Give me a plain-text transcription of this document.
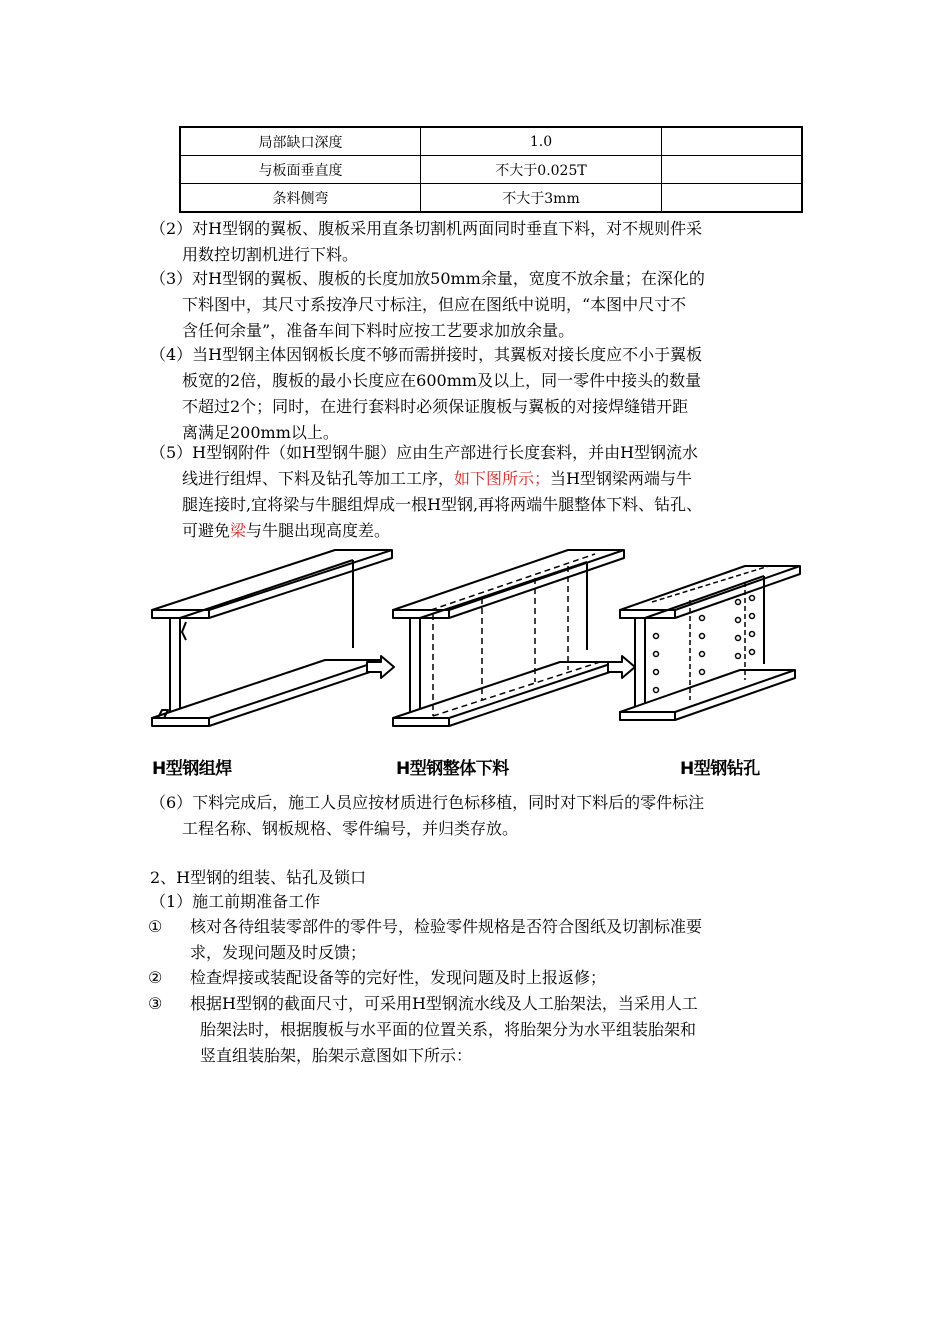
局部缺口深度	1.0	
与板面垂直度	不大于0.025T	
条料侧弯	不大于3mm	
（2）对H型钢的翼板、腹板采用直条切割机两面同时垂直下料，对不规则件采
用数控切割机进行下料。
（3）对H型钢的翼板、腹板的长度加放50mm余量，宽度不放余量；在深化的
下料图中，其尺寸系按净尺寸标注，但应在图纸中说明，“本图中尺寸不
含任何余量”，准备车间下料时应按工艺要求加放余量。
（4）当H型钢主体因钢板长度不够而需拼接时，其翼板对接长度应不小于翼板
板宽的2倍，腹板的最小长度应在600mm及以上，同一零件中接头的数量
不超过2个；同时，在进行套料时必须保证腹板与翼板的对接焊缝错开距
离满足200mm以上。
（5）H型钢附件（如H型钢牛腿）应由生产部进行长度套料，并由H型钢流水
线进行组焊、下料及钻孔等加工工序，如下图所示；当H型钢梁两端与牛
腿连接时,宜将梁与牛腿组焊成一根H型钢,再将两端牛腿整体下料、钻孔、
可避免梁与牛腿出现高度差。
H型钢组焊	H型钢整体下料	H型钢钻孔
（6）下料完成后，施工人员应按材质进行色标移植，同时对下料后的零件标注
工程名称、钢板规格、零件编号，并归类存放。
2、H型钢的组装、钻孔及锁口
（1）施工前期准备工作
① 核对各待组装零部件的零件号，检验零件规格是否符合图纸及切割标准要
求，发现问题及时反馈；
② 检查焊接或装配设备等的完好性，发现问题及时上报返修；
③ 根据H型钢的截面尺寸，可采用H型钢流水线及人工胎架法，当采用人工
胎架法时，根据腹板与水平面的位置关系，将胎架分为水平组装胎架和
竖直组装胎架，胎架示意图如下所示：
